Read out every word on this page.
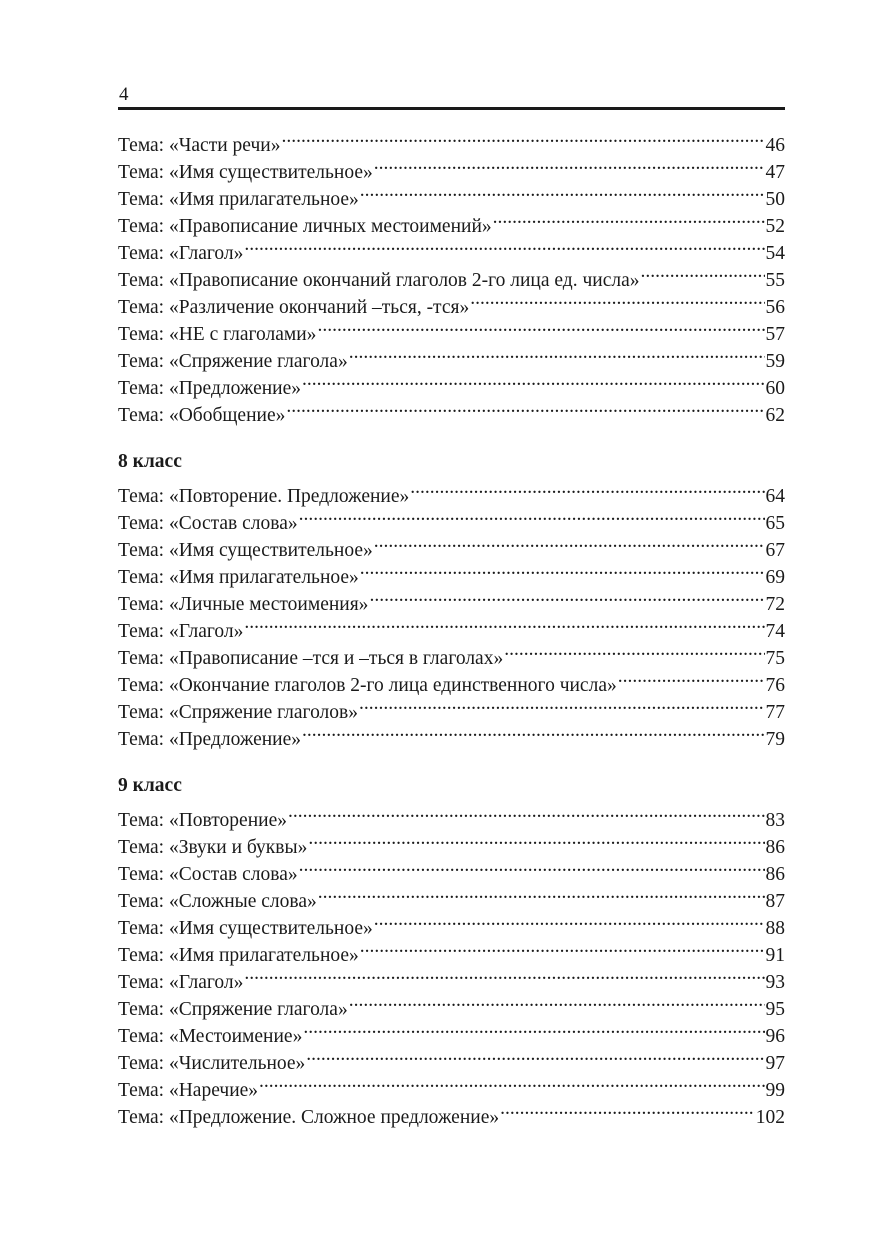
4
Тема: «Части речи» .....	46
Тема: «Имя существительное» .....	47
Тема: «Имя прилагательное» .....	50
Тема: «Правописание личных местоимений» .....	52
Тема: «Глагол» .....	54
Тема: «Правописание окончаний глаголов 2-го лица ед. числа» .....	55
Тема: «Различение окончаний –ться, -тся» .....	56
Тема: «НЕ с глаголами» .....	57
Тема: «Спряжение глагола» .....	59
Тема: «Предложение» .....	60
Тема: «Обобщение» .....	62
8 класс
Тема: «Повторение. Предложение» .....	64
Тема: «Состав слова» .....	65
Тема: «Имя существительное» .....	67
Тема: «Имя прилагательное» .....	69
Тема: «Личные местоимения» .....	72
Тема: «Глагол» .....	74
Тема: «Правописание –тся и –ться в глаголах» .....	75
Тема: «Окончание глаголов 2-го лица единственного числа» .....	76
Тема: «Спряжение глаголов» .....	77
Тема: «Предложение» .....	79
9 класс
Тема: «Повторение» .....	83
Тема: «Звуки и буквы» .....	86
Тема: «Состав слова» .....	86
Тема: «Сложные слова» .....	87
Тема: «Имя существительное» .....	88
Тема: «Имя прилагательное» .....	91
Тема: «Глагол» .....	93
Тема: «Спряжение глагола» .....	95
Тема: «Местоимение» .....	96
Тема: «Числительное» .....	97
Тема: «Наречие» .....	99
Тема: «Предложение. Сложное предложение» .....	102
